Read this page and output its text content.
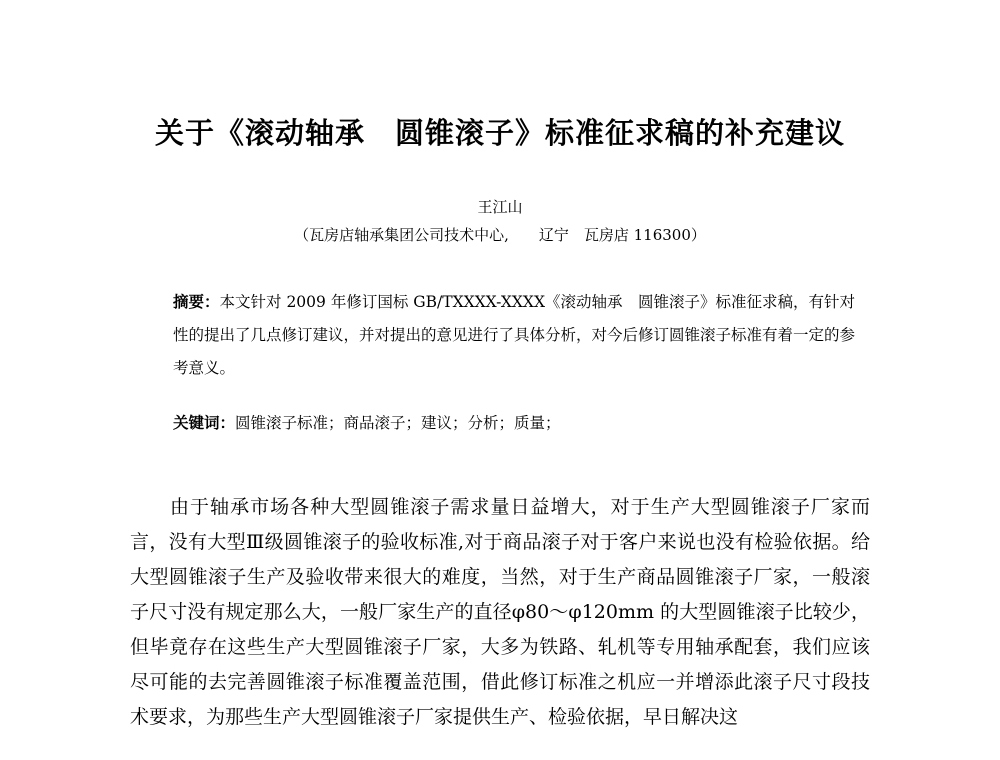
关于《滚动轴承　圆锥滚子》标准征求稿的补充建议
王江山
（瓦房店轴承集团公司技术中心,　　辽宁　瓦房店 116300）
摘要：本文针对 2009 年修订国标 GB/TXXXX-XXXX《滚动轴承　圆锥滚子》标准征求稿，有针对性的提出了几点修订建议，并对提出的意见进行了具体分析，对今后修订圆锥滚子标准有着一定的参考意义。
关键词：圆锥滚子标准；商品滚子；建议；分析；质量；
由于轴承市场各种大型圆锥滚子需求量日益增大，对于生产大型圆锥滚子厂家而言，没有大型Ⅲ级圆锥滚子的验收标准,对于商品滚子对于客户来说也没有检验依据。给大型圆锥滚子生产及验收带来很大的难度，当然，对于生产商品圆锥滚子厂家，一般滚子尺寸没有规定那么大，一般厂家生产的直径φ80～φ120mm 的大型圆锥滚子比较少，但毕竟存在这些生产大型圆锥滚子厂家，大多为铁路、轧机等专用轴承配套，我们应该尽可能的去完善圆锥滚子标准覆盖范围，借此修订标准之机应一并增添此滚子尺寸段技术要求，为那些生产大型圆锥滚子厂家提供生产、检验依据，早日解决这
